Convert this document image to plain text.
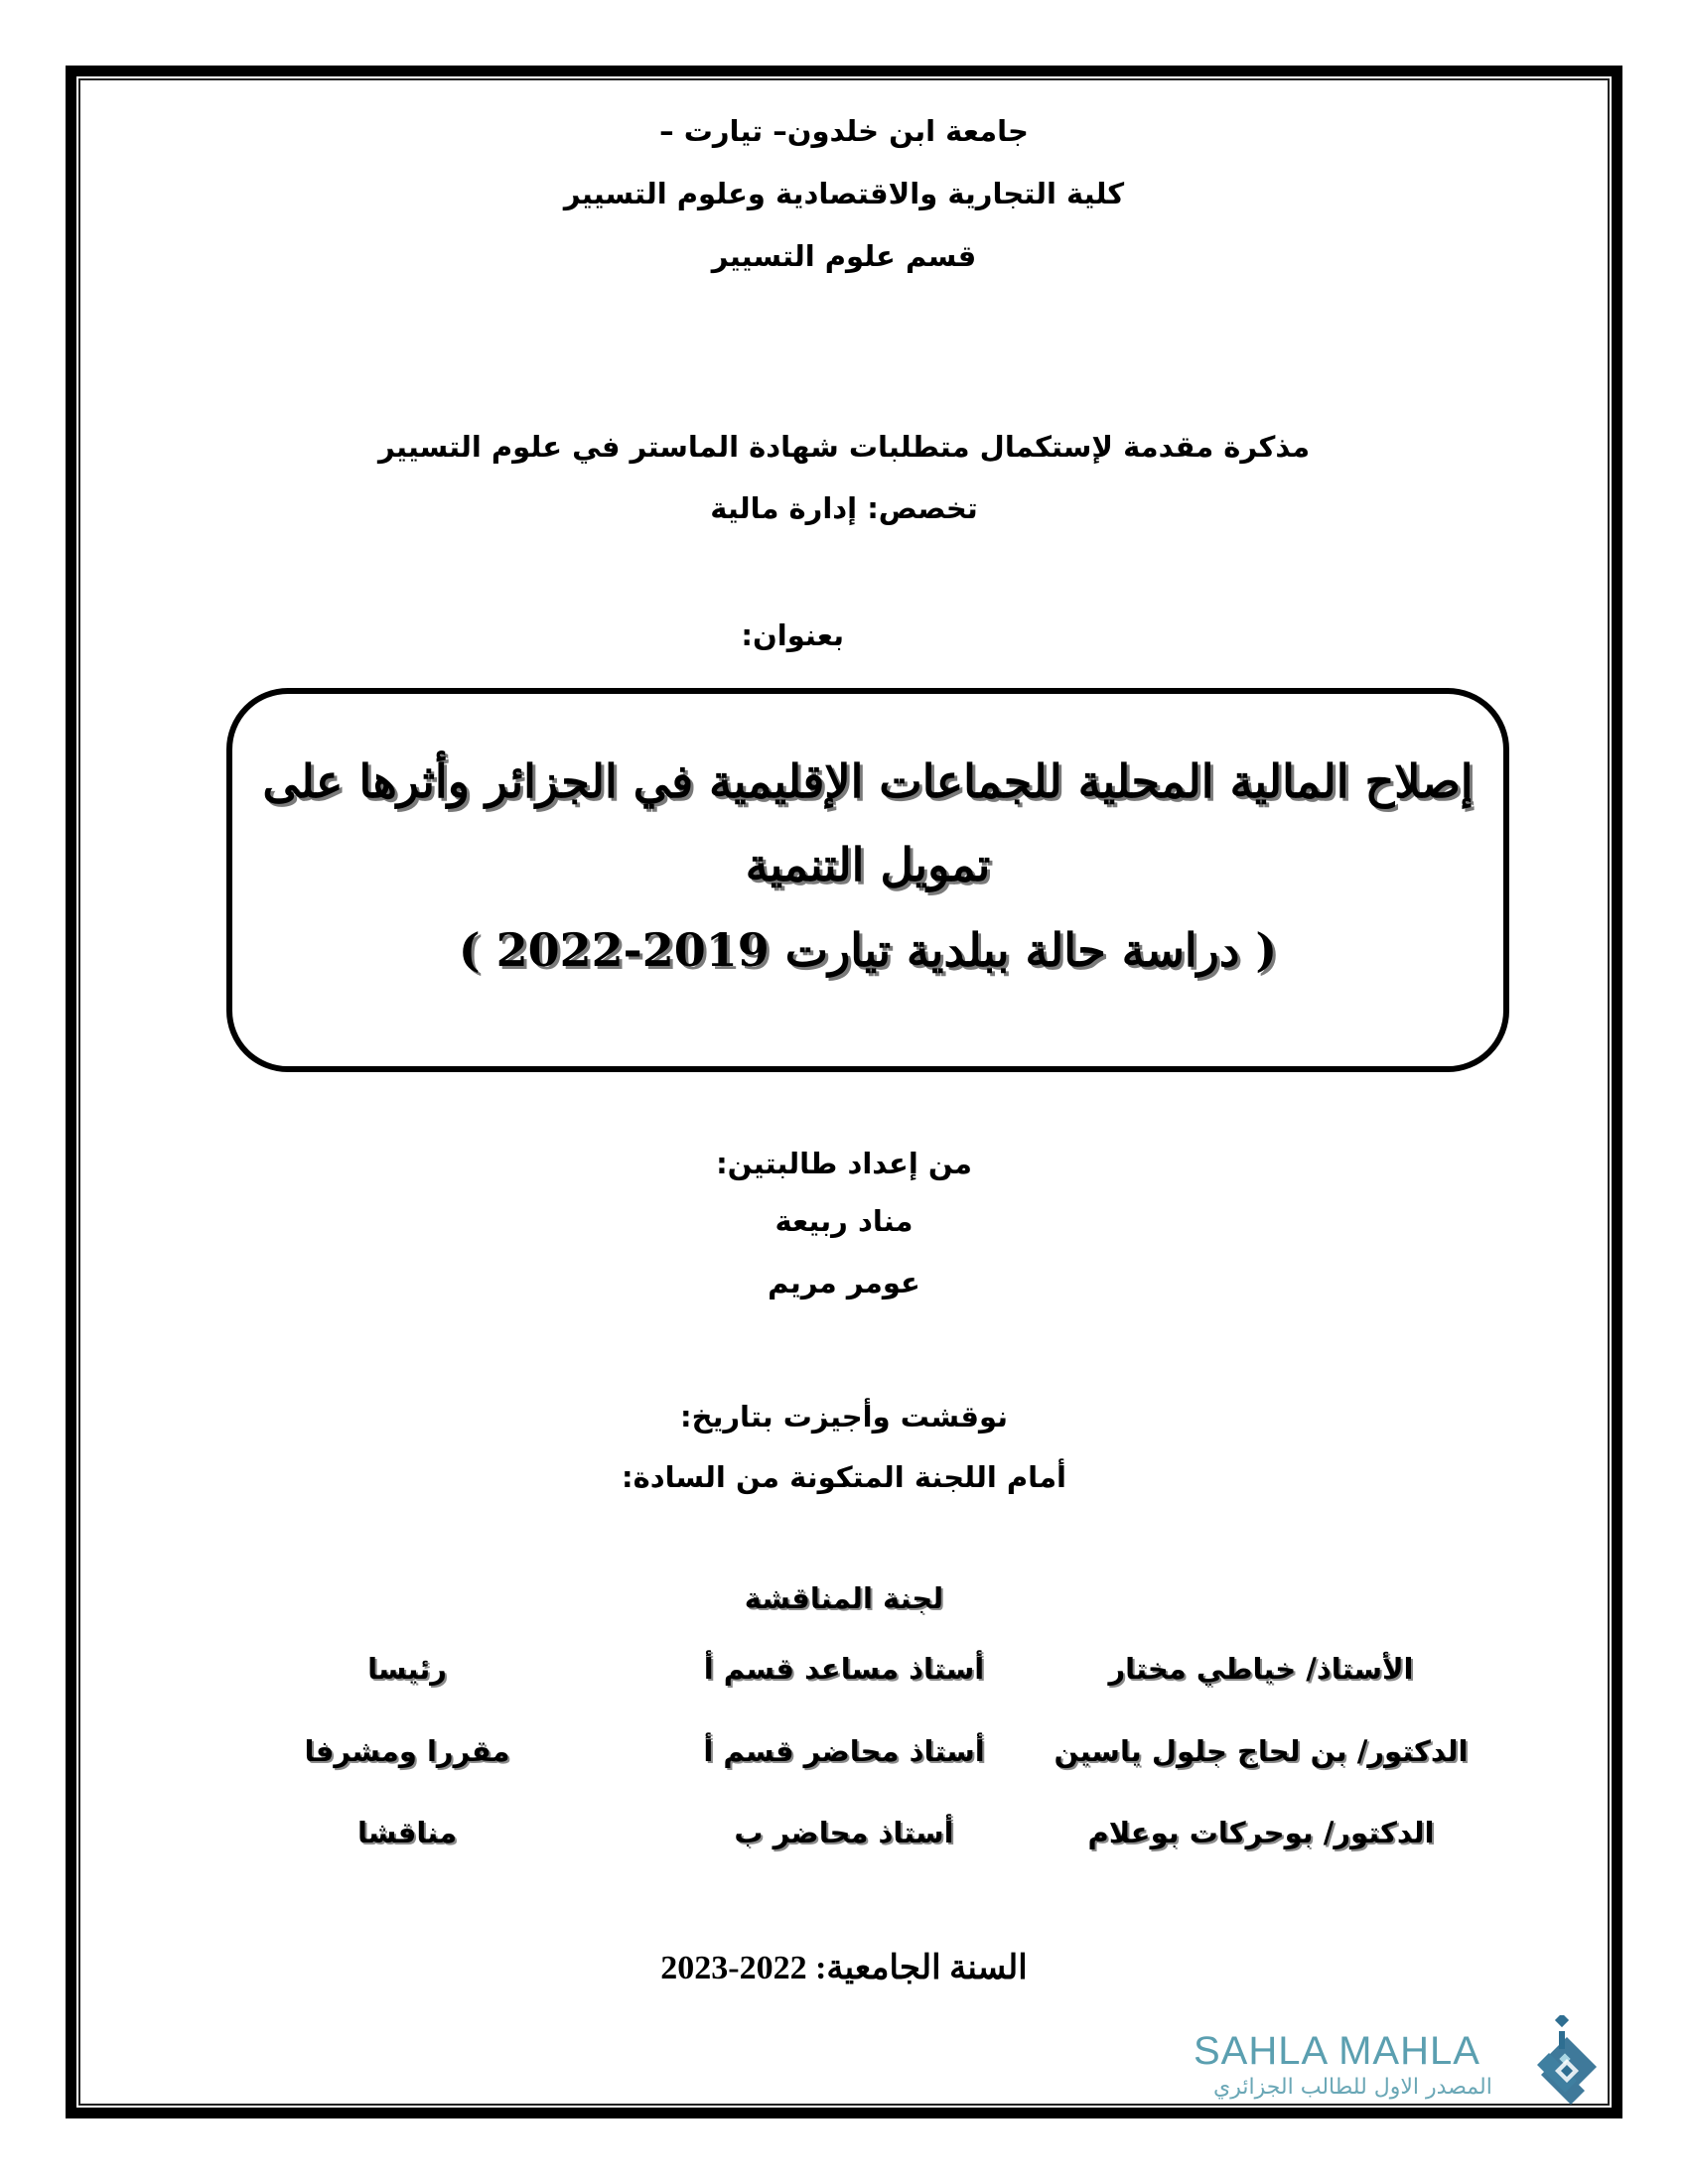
جامعة ابن خلدون– تيارت –
كلية التجارية والاقتصادية وعلوم التسيير
قسم علوم التسيير
مذكرة مقدمة لإستكمال متطلبات شهادة الماستر في علوم التسيير
تخصص: إدارة مالية
بعنوان:
إصلاح المالية المحلية للجماعات الإقليمية في الجزائر وأثرها على
تمويل التنمية
( دراسة حالة ببلدية تيارت 2019-2022 )
من إعداد طالبتين:
مناد ربيعة
عومر مريم
نوقشت وأجيزت بتاريخ:
أمام اللجنة المتكونة من السادة:
لجنة المناقشة
الأستاذ/ خياطي مختار
أستاذ مساعد قسم أ
رئيسا
الدكتور/ بن لحاج جلول ياسين
أستاذ محاضر قسم أ
مقررا ومشرفا
الدكتور/ بوحركات بوعلام
أستاذ محاضر ب
مناقشا
السنة الجامعية: 2022-2023
SAHLA MAHLA
المصدر الاول للطالب الجزائري
